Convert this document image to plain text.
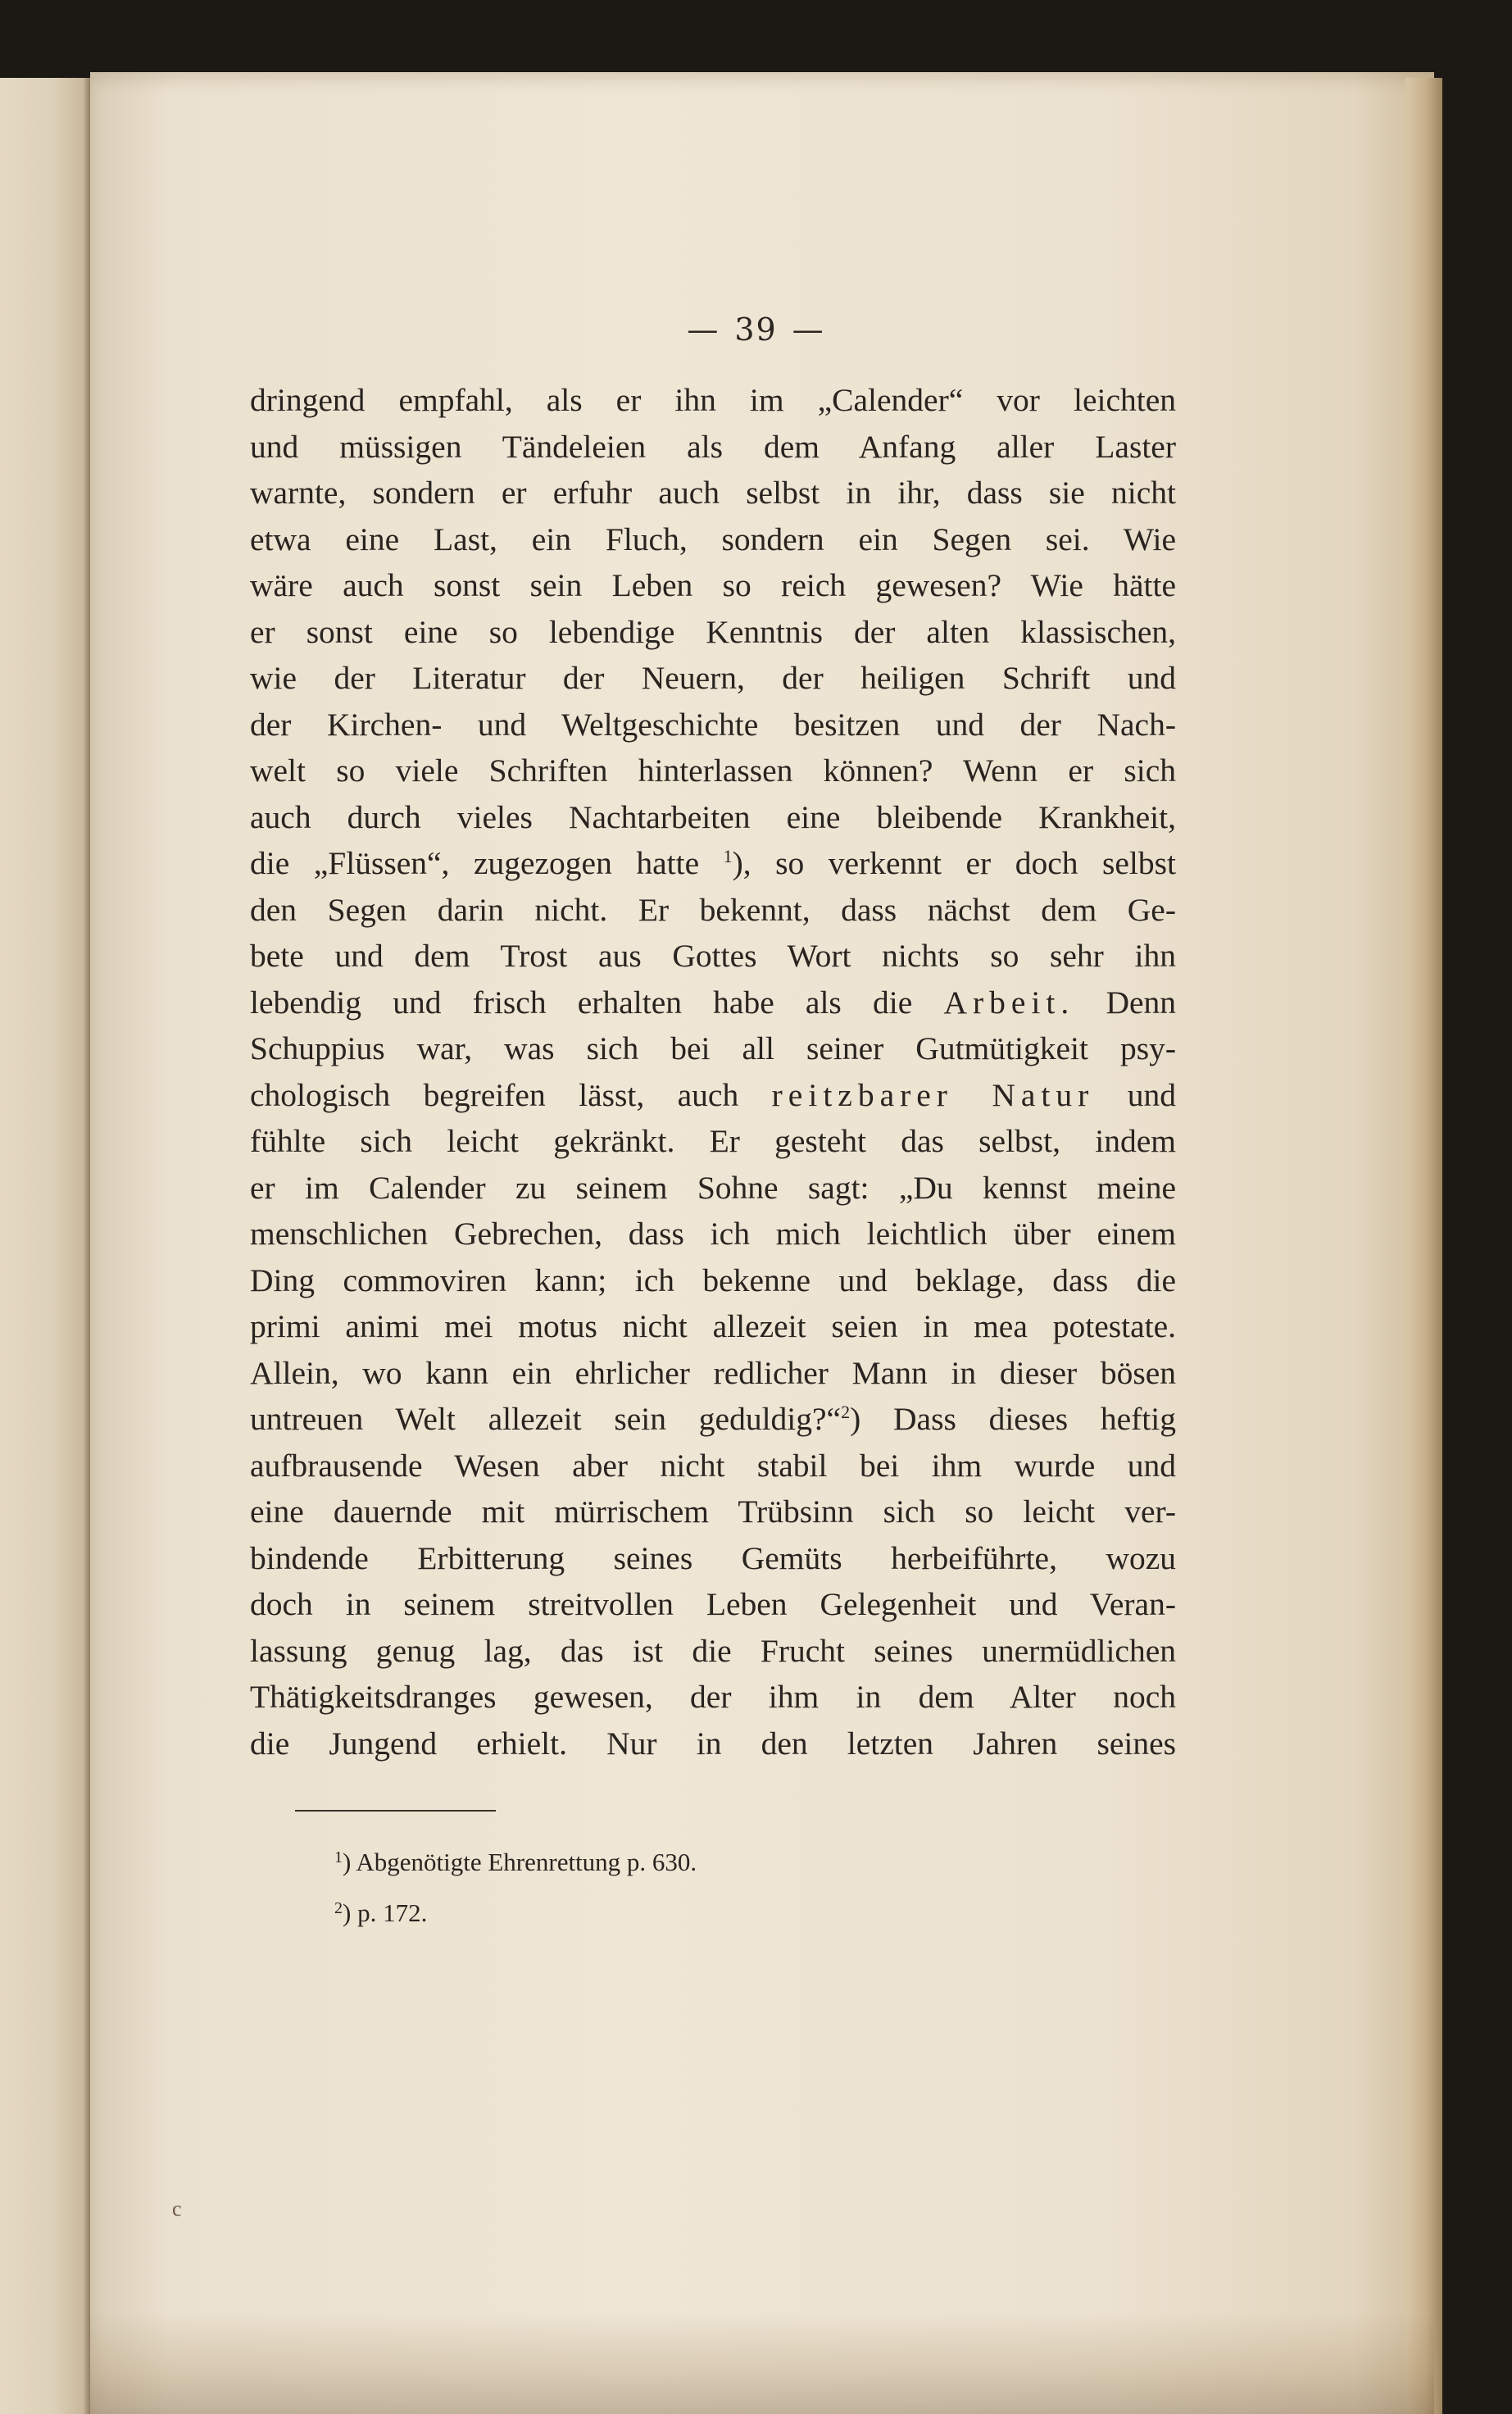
— 39 —
dringend empfahl, als er ihn im „Calender“ vor leichten
und müssigen Tändeleien als dem Anfang aller Laster
warnte, sondern er erfuhr auch selbst in ihr, dass sie nicht
etwa eine Last, ein Fluch, sondern ein Segen sei. Wie
wäre auch sonst sein Leben so reich gewesen? Wie hätte
er sonst eine so lebendige Kenntnis der alten klassischen,
wie der Literatur der Neuern, der heiligen Schrift und
der Kirchen- und Weltgeschichte besitzen und der Nach-
welt so viele Schriften hinterlassen können? Wenn er sich
auch durch vieles Nachtarbeiten eine bleibende Krankheit,
die „Flüssen“, zugezogen hatte $^1$), so verkennt er doch selbst
den Segen darin nicht. Er bekennt, dass nächst dem Ge-
bete und dem Trost aus Gottes Wort nichts so sehr ihn
lebendig und frisch erhalten habe als die Arbeit. Denn
Schuppius war, was sich bei all seiner Gutmütigkeit psy-
chologisch begreifen lässt, auch reitzbarer Natur und
fühlte sich leicht gekränkt. Er gesteht das selbst, indem
er im Calender zu seinem Sohne sagt: „Du kennst meine
menschlichen Gebrechen, dass ich mich leichtlich über einem
Ding commoviren kann; ich bekenne und beklage, dass die
primi animi mei motus nicht allezeit seien in mea potestate.
Allein, wo kann ein ehrlicher redlicher Mann in dieser bösen
untreuen Welt allezeit sein geduldig?“$^2$) Dass dieses heftig
aufbrausende Wesen aber nicht stabil bei ihm wurde und
eine dauernde mit mürrischem Trübsinn sich so leicht ver-
bindende Erbitterung seines Gemüts herbeiführte, wozu
doch in seinem streitvollen Leben Gelegenheit und Veran-
lassung genug lag, das ist die Frucht seines unermüdlichen
Thätigkeitsdranges gewesen, der ihm in dem Alter noch
die Jungend erhielt. Nur in den letzten Jahren seines
$^1$) Abgenötigte Ehrenrettung p. 630.
$^2$) p. 172.
c
